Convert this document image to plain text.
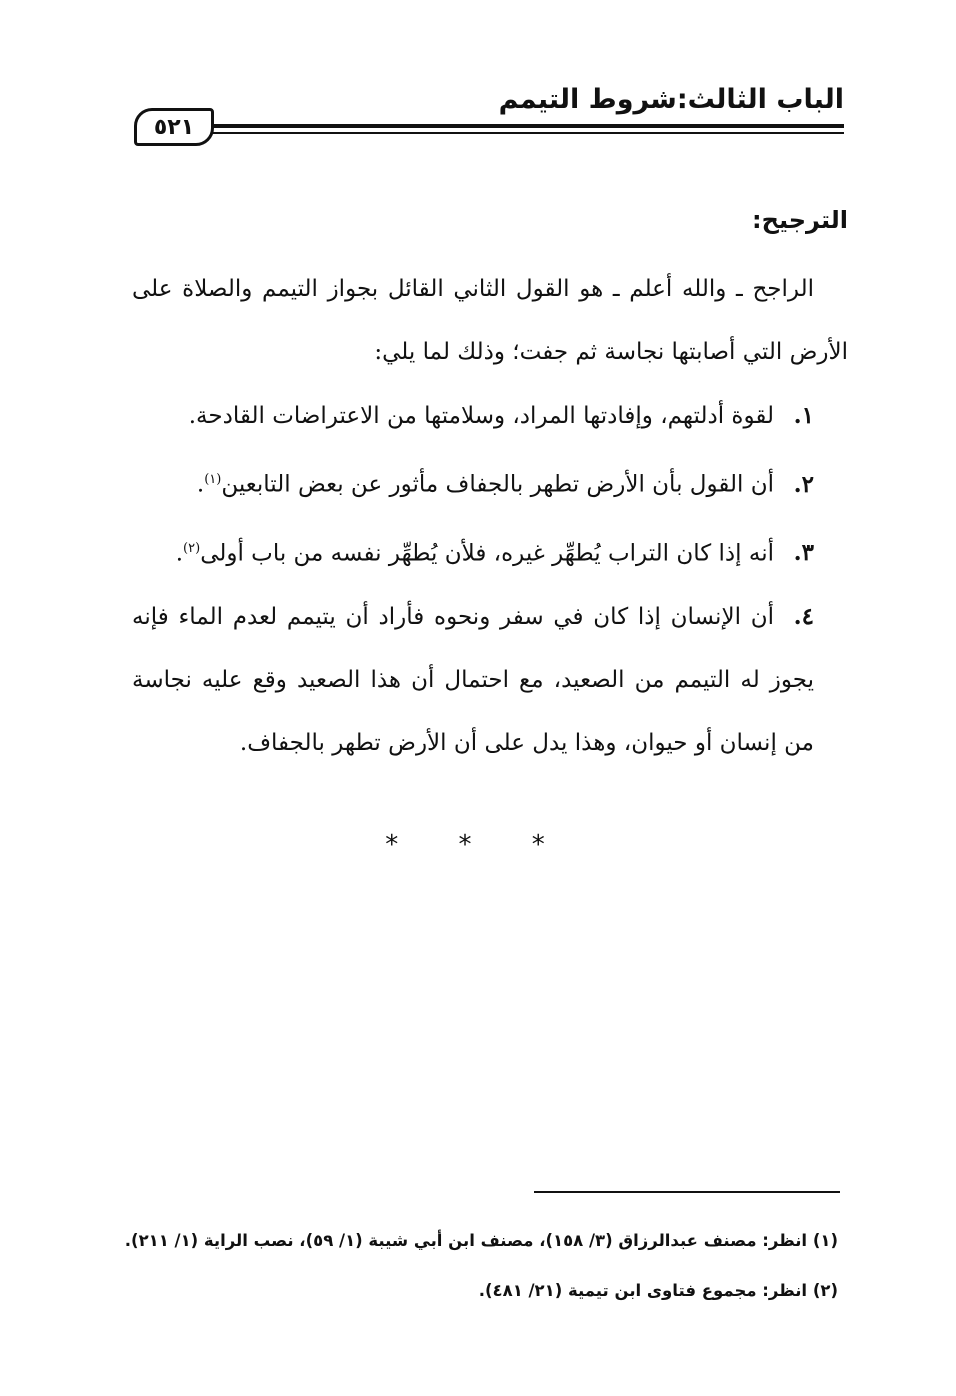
الباب الثالث:شروط التيمم
٥٢١
الترجيح:

الراجح ـ والله أعلم ـ هو القول الثاني القائل بجواز التيمم والصلاة على الأرض التي أصابتها نجاسة ثم جفت؛ وذلك لما يلي:

١.لقوة أدلتهم، وإفادتها المراد، وسلامتها من الاعتراضات القادحة.
٢.أن القول بأن الأرض تطهر بالجفاف مأثور عن بعض التابعين$^{(١)}$.
٣.أنه إذا كان التراب يُطهِّر غيره، فلأن يُطهِّر نفسه من باب أولى$^{(٢)}$.
٤.أن الإنسان إذا كان في سفر ونحوه فأراد أن يتيمم لعدم الماء فإنه يجوز له التيمم من الصعيد، مع احتمال أن هذا الصعيد وقع عليه نجاسة من إنسان أو حيوان، وهذا يدل على أن الأرض تطهر بالجفاف.
* * *
(١) انظر: مصنف عبدالرزاق (٣/ ١٥٨)، مصنف ابن أبي شيبة (١/ ٥٩)، نصب الراية (١/ ٢١١).
(٢) انظر: مجموع فتاوى ابن تيمية (٢١/ ٤٨١).
